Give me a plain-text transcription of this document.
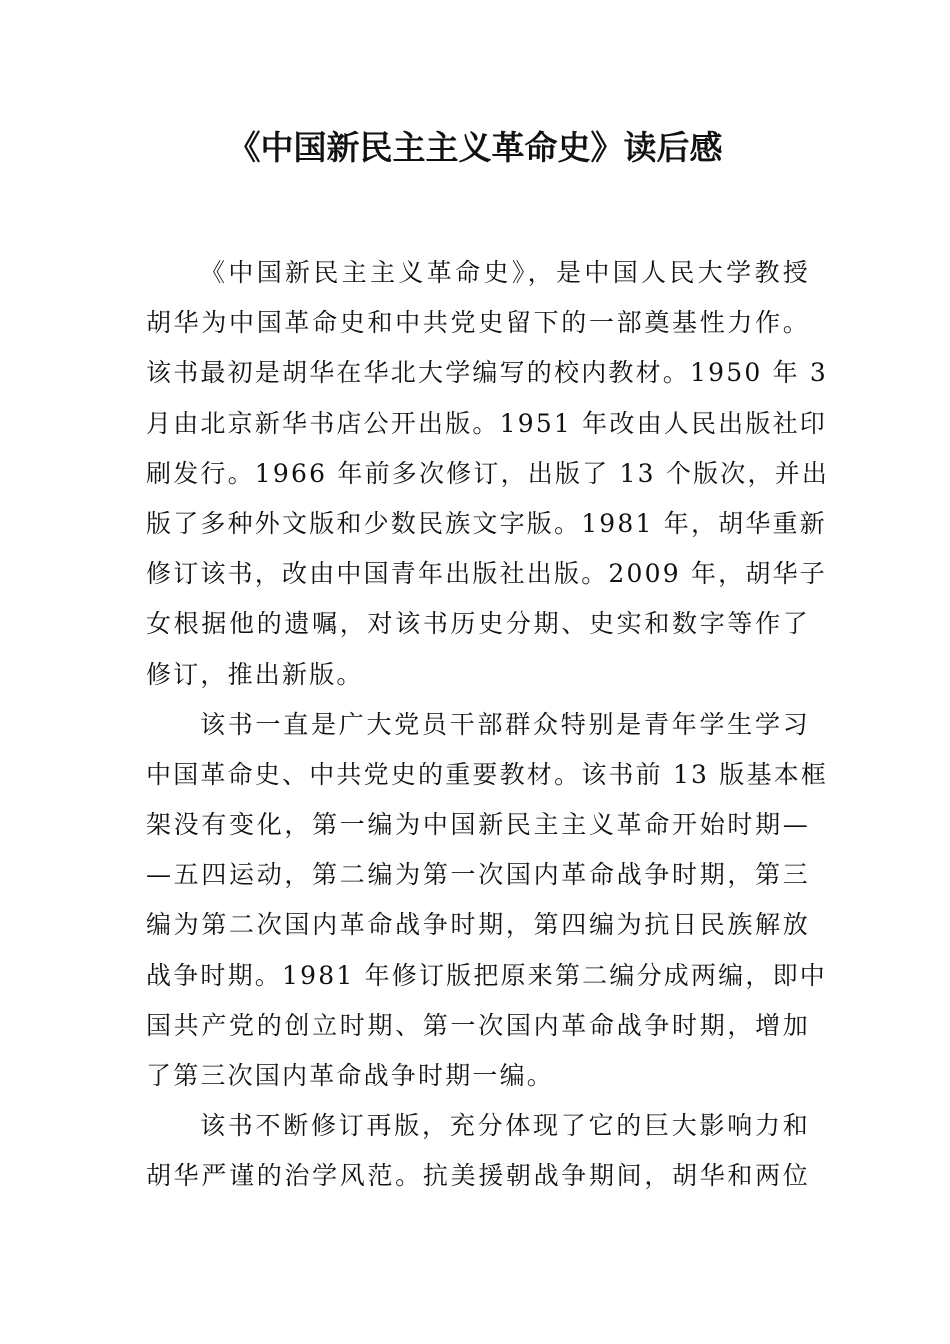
《中国新民主主义革命史》读后感
《中国新民主主义革命史》，是中国人民大学教授
胡华为中国革命史和中共党史留下的一部奠基性力作。
该书最初是胡华在华北大学编写的校内教材。1950 年 3
月由北京新华书店公开出版。1951 年改由人民出版社印
刷发行。1966 年前多次修订，出版了 13 个版次，并出
版了多种外文版和少数民族文字版。1981 年，胡华重新
修订该书，改由中国青年出版社出版。2009 年，胡华子
女根据他的遗嘱，对该书历史分期、史实和数字等作了
修订，推出新版。
该书一直是广大党员干部群众特别是青年学生学习
中国革命史、中共党史的重要教材。该书前 13 版基本框
架没有变化，第一编为中国新民主主义革命开始时期—
—五四运动，第二编为第一次国内革命战争时期，第三
编为第二次国内革命战争时期，第四编为抗日民族解放
战争时期。1981 年修订版把原来第二编分成两编，即中
国共产党的创立时期、第一次国内革命战争时期，增加
了第三次国内革命战争时期一编。
该书不断修订再版，充分体现了它的巨大影响力和
胡华严谨的治学风范。抗美援朝战争期间，胡华和两位
